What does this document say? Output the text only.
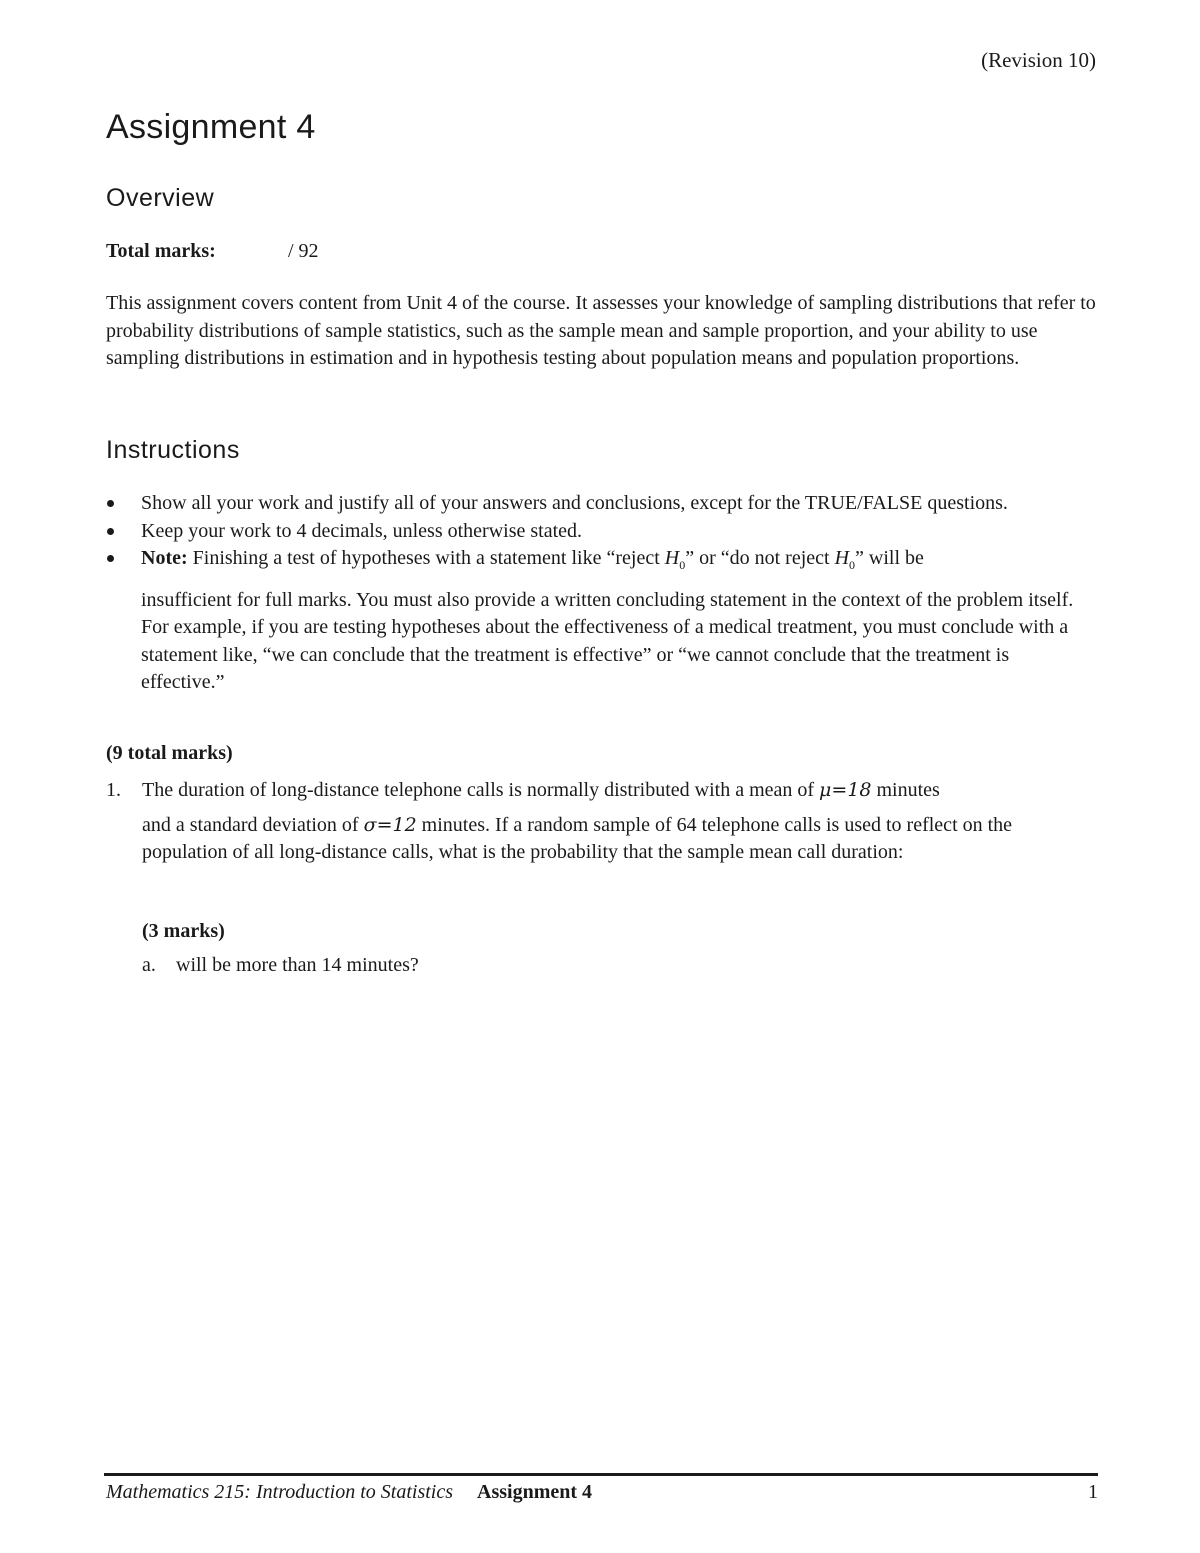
(Revision 10)
Assignment 4
Overview
Total marks:	/ 92

This assignment covers content from Unit 4 of the course. It assesses your knowledge of sampling distributions that refer to probability distributions of sample statistics, such as the sample mean and sample proportion, and your ability to use sampling distributions in estimation and in hypothesis testing about population means and population proportions.

Instructions
Show all your work and justify all of your answers and conclusions, except for the TRUE/FALSE questions.
Keep your work to 4 decimals, unless otherwise stated.
Note: Finishing a test of hypotheses with a statement like “reject $H_0$” or “do not reject $H_0$” will be
insufficient for full marks. You must also provide a written concluding statement in the context of the problem itself. For example, if you are testing hypotheses about the effectiveness of a medical treatment, you must conclude with a statement like, “we can conclude that the treatment is effective” or “we cannot conclude that the treatment is effective.”
(9 total marks)
1. The duration of long-distance telephone calls is normally distributed with a mean of μ=18 minutes
and a standard deviation of σ=12 minutes. If a random sample of 64 telephone calls is used to reflect on the population of all long-distance calls, what is the probability that the sample mean call duration:
(3 marks)
a. will be more than 14 minutes?
Mathematics 215: Introduction to Statistics Assignment 4	1
